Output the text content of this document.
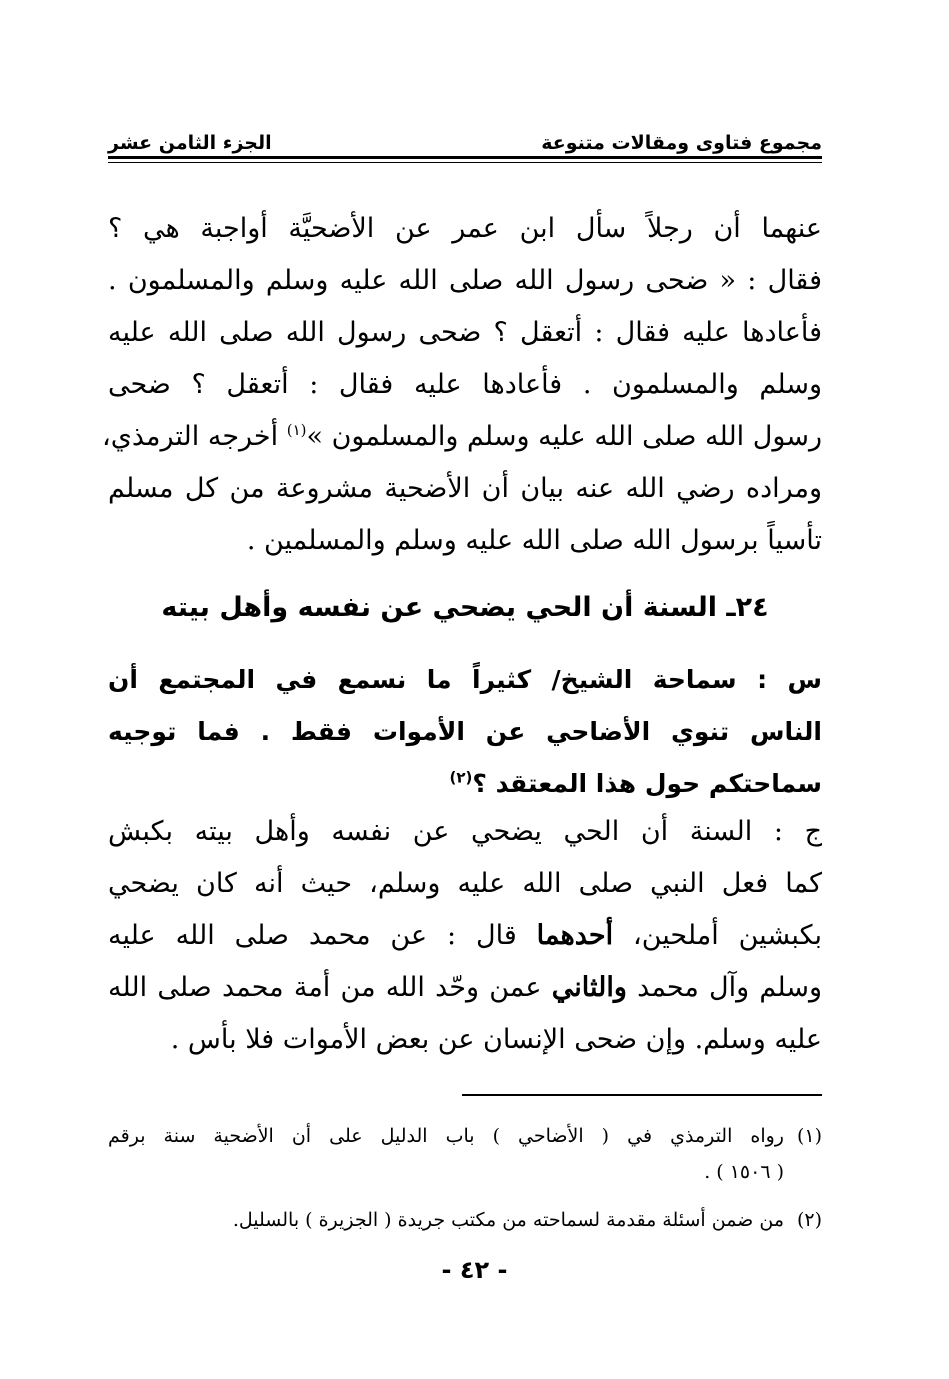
مجموع فتاوى ومقالات متنوعة
الجزء الثامن عشر
عنهما أن رجلاً سأل ابن عمر عن الأضحيَّة أواجبة هي ؟
فقال : « ضحى رسول الله صلى الله عليه وسلم والمسلمون .
فأعادها عليه فقال : أتعقل ؟ ضحى رسول الله صلى الله عليه
وسلم والمسلمون . فأعادها عليه فقال : أتعقل ؟ ضحى
رسول الله صلى الله عليه وسلم والمسلمون »$^{(١)}$ أخرجه الترمذي،
ومراده رضي الله عنه بيان أن الأضحية مشروعة من كل مسلم
تأسياً برسول الله صلى الله عليه وسلم والمسلمين .
٢٤ـ السنة أن الحي يضحي عن نفسه وأهل بيته
س : سماحة الشيخ/ كثيراً ما نسمع في المجتمع أن
الناس تنوي الأضاحي عن الأموات فقط . فما توجيه
سماحتكم حول هذا المعتقد ؟$^{(٢)}$
ج : السنة أن الحي يضحي عن نفسه وأهل بيته بكبش
كما فعل النبي صلى الله عليه وسلم، حيث أنه كان يضحي
بكبشين أملحين، أحدهما قال : عن محمد صلى الله عليه
وسلم وآل محمد والثاني عمن وحّد الله من أمة محمد صلى الله
عليه وسلم. وإن ضحى الإنسان عن بعض الأموات فلا بأس .
(١)
رواه الترمذي في ( الأضاحي ) باب الدليل على أن الأضحية سنة برقم
( ١٥٠٦ ) .
(٢)
من ضمن أسئلة مقدمة لسماحته من مكتب جريدة ( الجزيرة ) بالسليل.
- ٤٢ -
